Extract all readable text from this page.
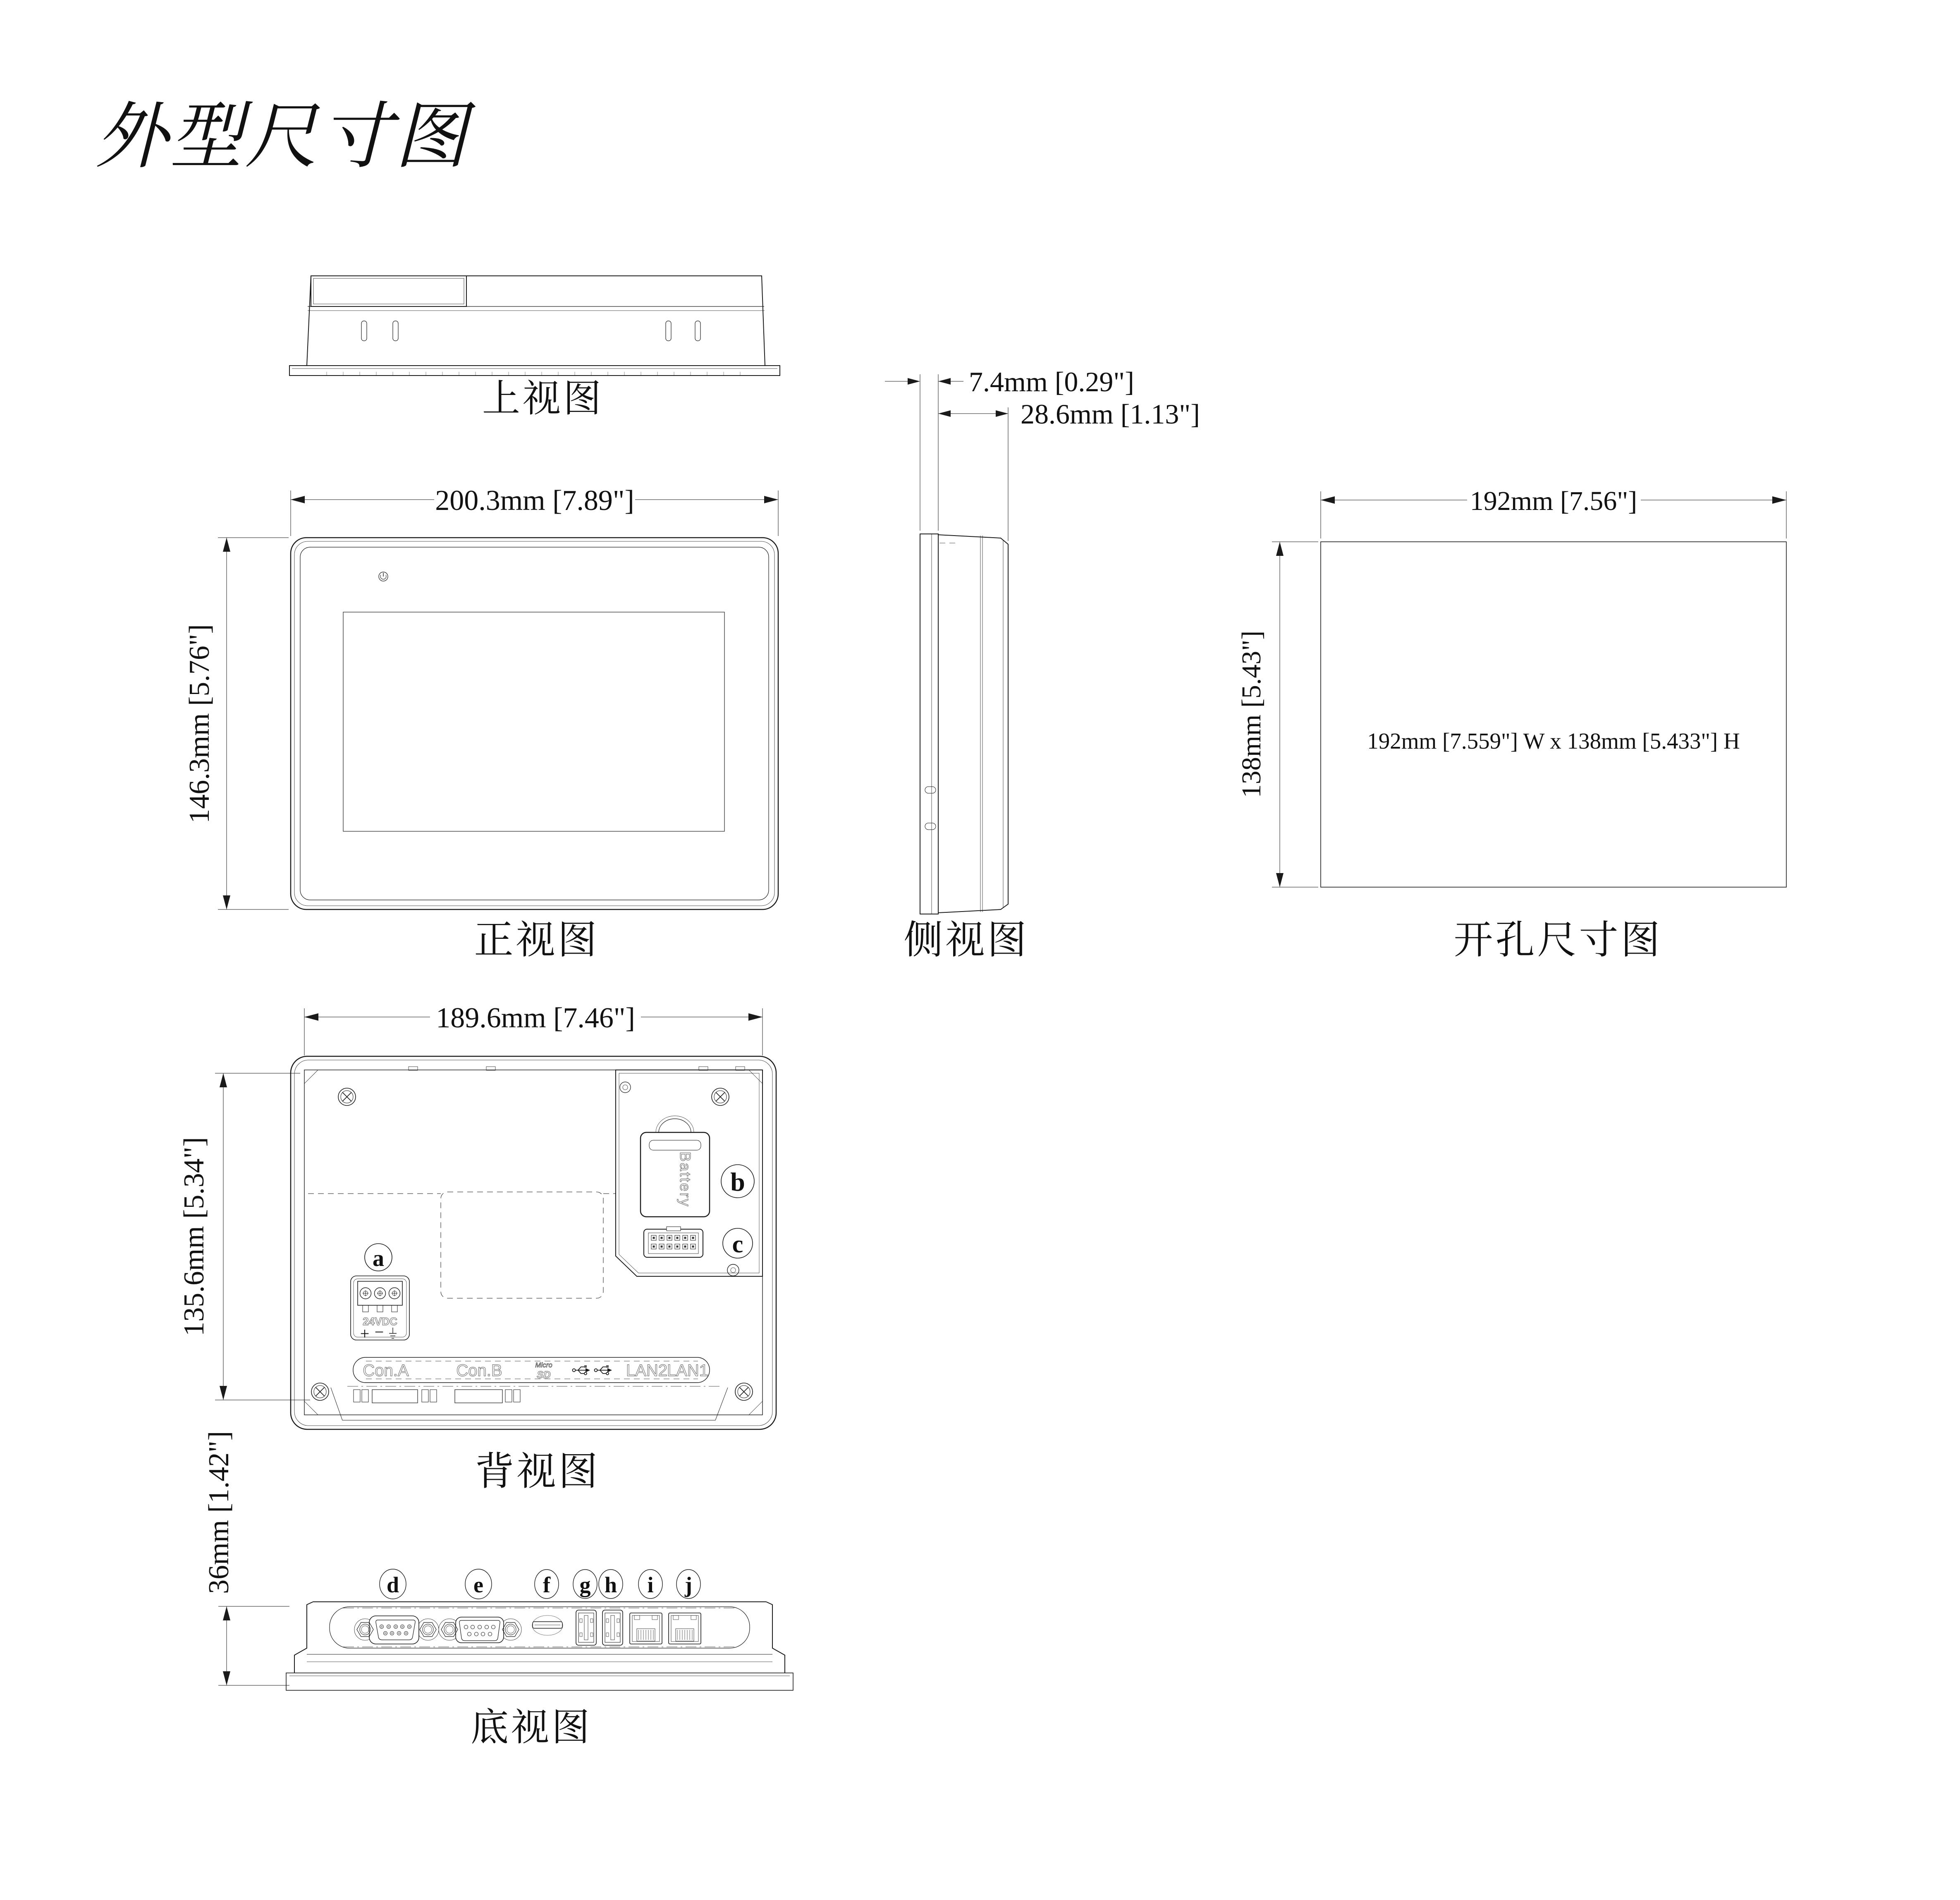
外型尺寸图
上视图
200.3mm [7.89"]
146.3mm [5.76"]
正视图
7.4mm [0.29"]
28.6mm [1.13"]
侧视图
192mm [7.56"]
138mm [5.43"]	192mm [7.559"] W x 138mm [5.433"] H
开孔尺寸图
189.6mm [7.46"]
135.6mm [5.34"]	Battery b
c
a
24VDC
+ −
Con.A	Con.B	Micro
SD	LAN2
LAN1
背视图
36mm [1.42"]	d	e	f g h i j
底视图
